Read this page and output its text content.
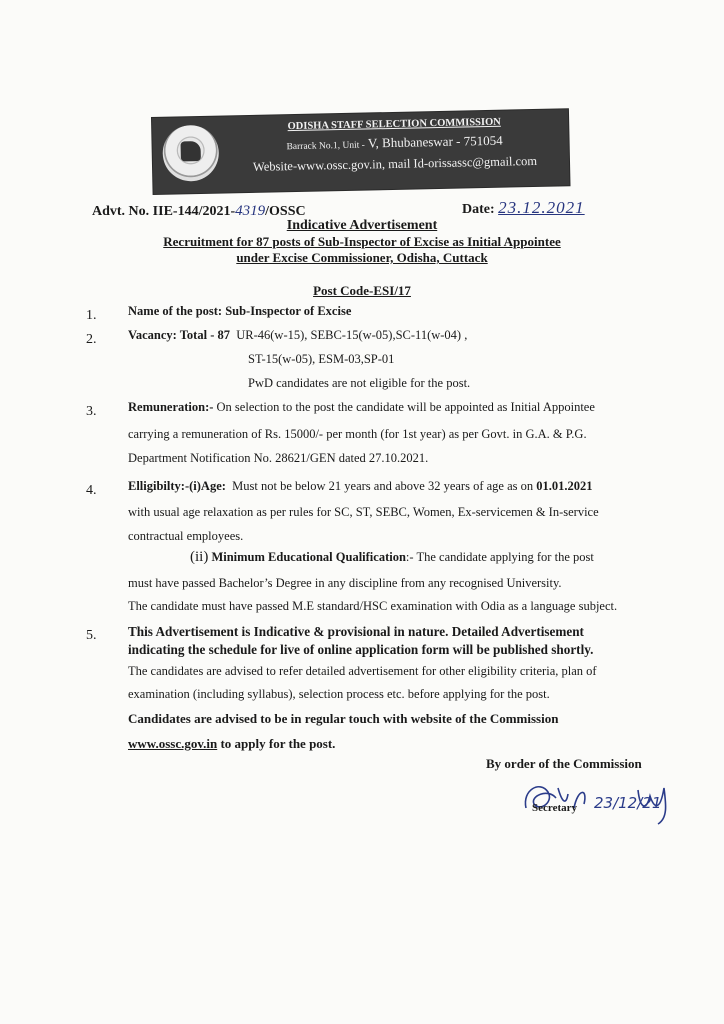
ODISHA STAFF SELECTION COMMISSION
Barrack No.1, Unit - V, Bhubaneswar - 751054
Website-www.ossc.gov.in, mail Id-orissassc@gmail.com
Advt. No. IIE-144/2021-4319/OSSC	Date: 23.12.2021
Indicative Advertisement
Recruitment for 87 posts of Sub-Inspector of Excise as Initial Appointee
under Excise Commissioner, Odisha, Cuttack
Post Code-ESI/17
1.	Name of the post: Sub-Inspector of Excise
2.	Vacancy: Total - 87 UR-46(w-15), SEBC-15(w-05),SC-11(w-04) ,
ST-15(w-05), ESM-03,SP-01
PwD candidates are not eligible for the post.
3.	Remuneration:- On selection to the post the candidate will be appointed as Initial Appointee
carrying a remuneration of Rs. 15000/- per month (for 1st year) as per Govt. in G.A. & P.G.
Department Notification No. 28621/GEN dated 27.10.2021.
4.	Elligibilty:-(i)Age: Must not be below 21 years and above 32 years of age as on 01.01.2021
with usual age relaxation as per rules for SC, ST, SEBC, Women, Ex-servicemen & In-service
contractual employees.
(ii) Minimum Educational Qualification:- The candidate applying for the post
must have passed Bachelor’s Degree in any discipline from any recognised University.
The candidate must have passed M.E standard/HSC examination with Odia as a language subject.
5. This Advertisement is Indicative & provisional in nature. Detailed Advertisement
indicating the schedule for live of online application form will be published shortly.
The candidates are advised to refer detailed advertisement for other eligibility criteria, plan of
examination (including syllabus), selection process etc. before applying for the post.
Candidates are advised to be in regular touch with website of the Commission
www.ossc.gov.in to apply for the post.
By order of the Commission
Secretary 23/12/21
